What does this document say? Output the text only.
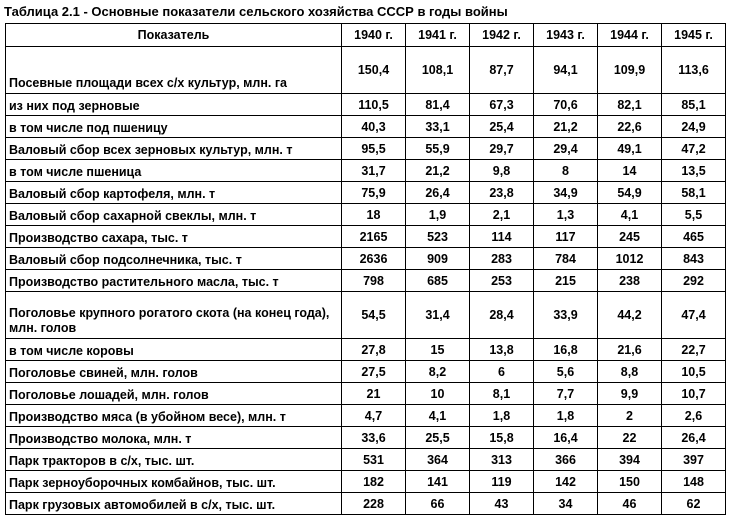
Таблица 2.1 - Основные показатели сельского хозяйства СССР в годы войны
Показатель	1940 г.	1941 г.	1942 г.	1943 г.	1944 г.	1945 г.
Посевные площади всех с/х культур, млн. га	150,4	108,1	87,7	94,1	109,9	113,6
из них под зерновые	110,5	81,4	67,3	70,6	82,1	85,1
в том числе под пшеницу	40,3	33,1	25,4	21,2	22,6	24,9
Валовый сбор всех зерновых культур, млн. т	95,5	55,9	29,7	29,4	49,1	47,2
в том числе пшеница	31,7	21,2	9,8	8	14	13,5
Валовый сбор картофеля, млн. т	75,9	26,4	23,8	34,9	54,9	58,1
Валовый сбор сахарной свеклы, млн. т	18	1,9	2,1	1,3	4,1	5,5
Производство сахара, тыс. т	2165	523	114	117	245	465
Валовый сбор подсолнечника, тыс. т	2636	909	283	784	1012	843
Производство растительного масла, тыс. т	798	685	253	215	238	292
Поголовье крупного рогатого скота (на конец года), млн. голов	54,5	31,4	28,4	33,9	44,2	47,4
в том числе коровы	27,8	15	13,8	16,8	21,6	22,7
Поголовье свиней, млн. голов	27,5	8,2	6	5,6	8,8	10,5
Поголовье лошадей, млн. голов	21	10	8,1	7,7	9,9	10,7
Производство мяса (в убойном весе), млн. т	4,7	4,1	1,8	1,8	2	2,6
Производство молока, млн. т	33,6	25,5	15,8	16,4	22	26,4
Парк тракторов в с/х, тыс. шт.	531	364	313	366	394	397
Парк зерноуборочных комбайнов, тыс. шт.	182	141	119	142	150	148
Парк грузовых автомобилей в с/х, тыс. шт.	228	66	43	34	46	62
